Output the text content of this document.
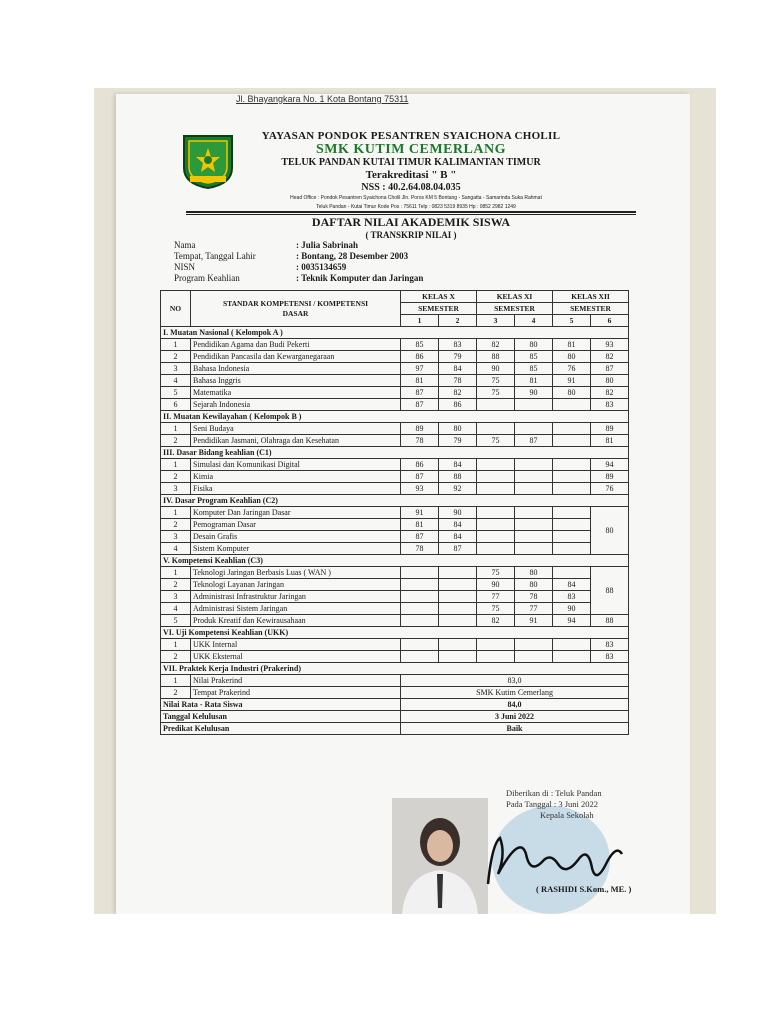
Jl. Bhayangkara No. 1 Kota Bontang 75311
YAYASAN PONDOK PESANTREN SYAICHONA CHOLIL
SMK KUTIM CEMERLANG
TELUK PANDAN KUTAI TIMUR KALIMANTAN TIMUR
Terakreditasi " B "
NSS : 40.2.64.08.04.035
Head Office : Pondok Pesantren Syaichona Cholil Jln. Poros KM 5 Bontang - Sangatta - Samarinda Suka Rahmat
Teluk Pandan - Kutai Timur Kode Pos : 75611 Telp : 0823 5319 8935 Hp : 0852 2982 1249
DAFTAR NILAI AKADEMIK SISWA
( TRANSKRIP NILAI )
Nama	: Julia Sabrinah
Tempat, Tanggal Lahir	: Bontang, 28 Desember 2003
NISN	: 0035134659
Program Keahlian	: Teknik Komputer dan Jaringan
NO	STANDAR KOMPETENSI / KOMPETENSI
DASAR	KELAS X		KELAS XI		KELAS XII	
		SEMESTER		SEMESTER		SEMESTER	
		1	2	3	4	5	6
I. Muatan Nasional ( Kelompok A )							
1	Pendidikan Agama dan Budi Pekerti	85	83	82	80	81	93
2	Pendidikan Pancasila dan Kewarganegaraan	86	79	88	85	80	82
3	Bahasa Indonesia	97	84	90	85	76	87
4	Bahasa Inggris	81	78	75	81	91	80
5	Matematika	87	82	75	90	80	82
6	Sejarah Indonesia	87	86				83
II. Muatan Kewilayahan ( Kelompok B )							
1	Seni Budaya	89	80				89
2	Pendidikan Jasmani, Olahraga dan Kesehatan	78	79	75	87		81
III. Dasar Bidang keahlian (C1)							
1	Simulasi dan Komunikasi Digital	86	84				94
2	Kimia	87	88				89
3	Fisika	93	92				76
IV. Dasar Program Keahlian (C2)							
1	Komputer Dan Jaringan Dasar	91	90				80
2	Pemograman Dasar	81	84				
3	Desain Grafis	87	84				
4	Sistem Komputer	78	87				
V. Kompetensi Keahlian (C3)							
1	Teknologi Jaringan Berbasis Luas ( WAN )			75	80		88
2	Teknologi Layanan Jaringan			90	80	84	
3	Administrasi Infrastruktur Jaringan			77	78	83	
4	Administrasi Sistem Jaringan			75	77	90	
5	Produk Kreatif dan Kewirausahaan			82	91	94	88
VI. Uji Kompetensi Keahlian (UKK)							
1	UKK Internal						83
2	UKK Eksternal						83
VII. Praktek Kerja Industri (Prakerind)							
1	Nilai Prakerind	83,0					
2	Tempat Prakerind	SMK Kutim Cemerlang					
Nilai Rata - Rata Siswa		84,0					
Tanggal Kelulusan		3 Juni 2022					
Predikat Kelulusan		Baik					
Diberikan di : Teluk Pandan
Pada Tanggal : 3 Juni 2022
Kepala Sekolah
( RASHIDI S.Kom., ME. )
